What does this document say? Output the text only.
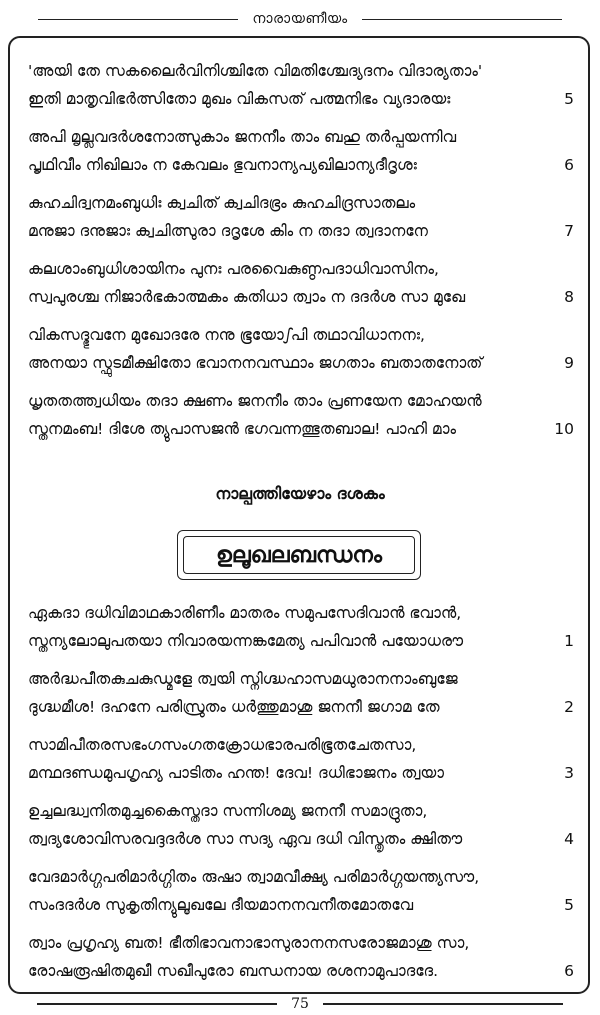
നാരായണീയം
'അയി തേ സകലൈർവിനിശ്ചിതേ വിമതിശ്ചേദ്യദനം വിദാര്യതാം'
ഇതി മാതൃവിഭർത്സിതോ മുഖം വികസത് പത്മനിഭം വ്യദാരയഃ	5
അപി മൃല്ലവദർശനോത്സുകാം ജനനീം താം ബഹു തർപ്പയന്നിവ
പൃഥിവീം നിഖിലാം ന കേവലം ഭുവനാന്യപ്യഖിലാന്യദീദൃശഃ	6
കുഹചിദ്വനമംബുധിഃ ക്വചിത് ക്വചിദഭ്രം കുഹചിദ്രസാതലം
മനുജാ ദനുജാഃ ക്വചിത്സുരാ ദദൃശേ കിം ന തദാ ത്വദാനനേ	7
കലശാംബുധിശായിനം പുനഃ പരവൈകുണ്ഠപദാധിവാസിനം,
സ്വപുരശ്ച നിജാർഭകാത്മകം കതിധാ ത്വാം ന ദദർശ സാ മുഖേ	8
വികസദ്ഭുവനേ മുഖോദരേ നനു ഭൂയോഽപി തഥാവിധാനനഃ,
അനയാ സ്ഫുടമീക്ഷിതോ ഭവാനനവസ്ഥാം ജഗതാം ബതാതനോത്	9
ധൃതതത്ത്വധിയം തദാ ക്ഷണം ജനനീം താം പ്രണയേന മോഹയൻ
സ്തനമംബ! ദിശേ ത്യുപാസജൻ ഭഗവന്നത്ഭുതബാല! പാഹി മാം	10
നാല്പത്തിയേഴാം ദശകം
ഉലൂഖലബന്ധനം
ഏകദാ ദധിവിമാഥകാരിണീം മാതരം സമുപസേദിവാൻ ഭവാൻ,
സ്തന്യലോലുപതയാ നിവാരയന്നങ്കമേത്യ പപിവാൻ പയോധരൗ	1
അർദ്ധപീതകുചകുഡ്മളേ ത്വയി സ്നിഗ്ദ്ധഹാസമധുരാനനാംബുജേ
ദുഗ്ദ്ധമീശ! ദഹനേ പരിസ്രുതം ധർത്തുമാശു ജനനീ ജഗാമ തേ	2
സാമിപീതരസഭംഗസംഗതക്രോധഭാരപരിഭൂതചേതസാ,
മന്ഥദണ്ഡമുപഗൃഹ്യ പാടിതം ഹന്ത! ദേവ! ദധിഭാജനം ത്വയാ	3
ഉച്ചലദ്ധ്വനിതമുച്ചകൈസ്തദാ സന്നിശമ്യ ജനനീ സമാദ്രുതാ,
ത്വദ്യശോവിസരവദ്ദദർശ സാ സദ്യ ഏവ ദധി വിസ്തൃതം ക്ഷിതൗ	4
വേദമാർഗ്ഗപരിമാർഗ്ഗിതം രുഷാ ത്വാമവീക്ഷ്യ പരിമാർഗ്ഗയന്ത്യസൗ,
സംദദർശ സുകൃതിന്യുലൂഖലേ ദീയമാനനവനീതമോതവേ	5
ത്വാം പ്രഗൃഹ്യ ബത! ഭീതിഭാവനാഭാസുരാനനസരോജമാശു സാ,
രോഷരൂഷിതമുഖീ സഖീപുരോ ബന്ധനായ രശനാമുപാദദേ.	6
75
